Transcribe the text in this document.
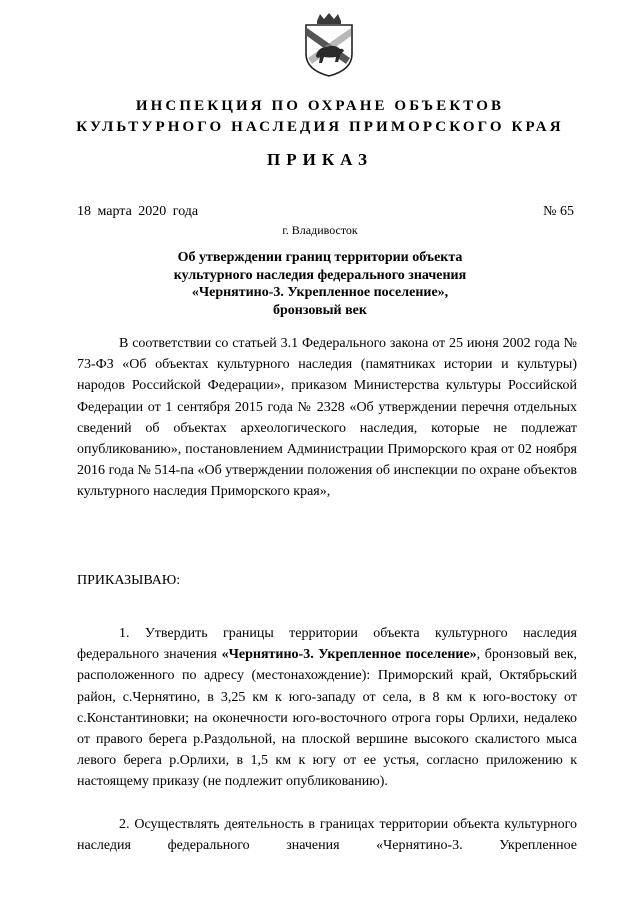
ИНСПЕКЦИЯ ПО ОХРАНЕ ОБЪЕКТОВ
КУЛЬТУРНОГО НАСЛЕДИЯ ПРИМОРСКОГО КРАЯ
ПРИКАЗ
18 марта 2020 года	№ 65
г. Владивосток
Об утверждении границ территории объекта
культурного наследия федерального значения
«Чернятино-3. Укрепленное поселение»,
бронзовый век

В соответствии со статьей 3.1 Федерального закона от 25 июня 2002 года № 73-ФЗ «Об объектах культурного наследия (памятниках истории и культуры) народов Российской Федерации», приказом Министерства культуры Российской Федерации от 1 сентября 2015 года № 2328 «Об утверждении перечня отдельных сведений об объектах археологического наследия, которые не подлежат опубликованию», постановлением Администрации Приморского края от 02 ноября 2016 года № 514-па «Об утверждении положения об инспекции по охране объектов культурного наследия Приморского края»,

ПРИКАЗЫВАЮ:

1. Утвердить границы территории объекта культурного наследия федерального значения «Чернятино-3. Укрепленное поселение», бронзовый век, расположенного по адресу (местонахождение): Приморский край, Октябрьский район, с.Чернятино, в 3,25 км к юго-западу от села, в 8 км к юго-востоку от с.Константиновки; на оконечности юго-восточного отрога горы Орлихи, недалеко от правого берега р.Раздольной, на плоской вершине высокого скалистого мыса левого берега р.Орлихи, в 1,5 км к югу от ее устья, согласно приложению к настоящему приказу (не подлежит опубликованию).

2. Осуществлять деятельность в границах территории объекта культурного наследия федерального значения «Чернятино-3. Укрепленное
